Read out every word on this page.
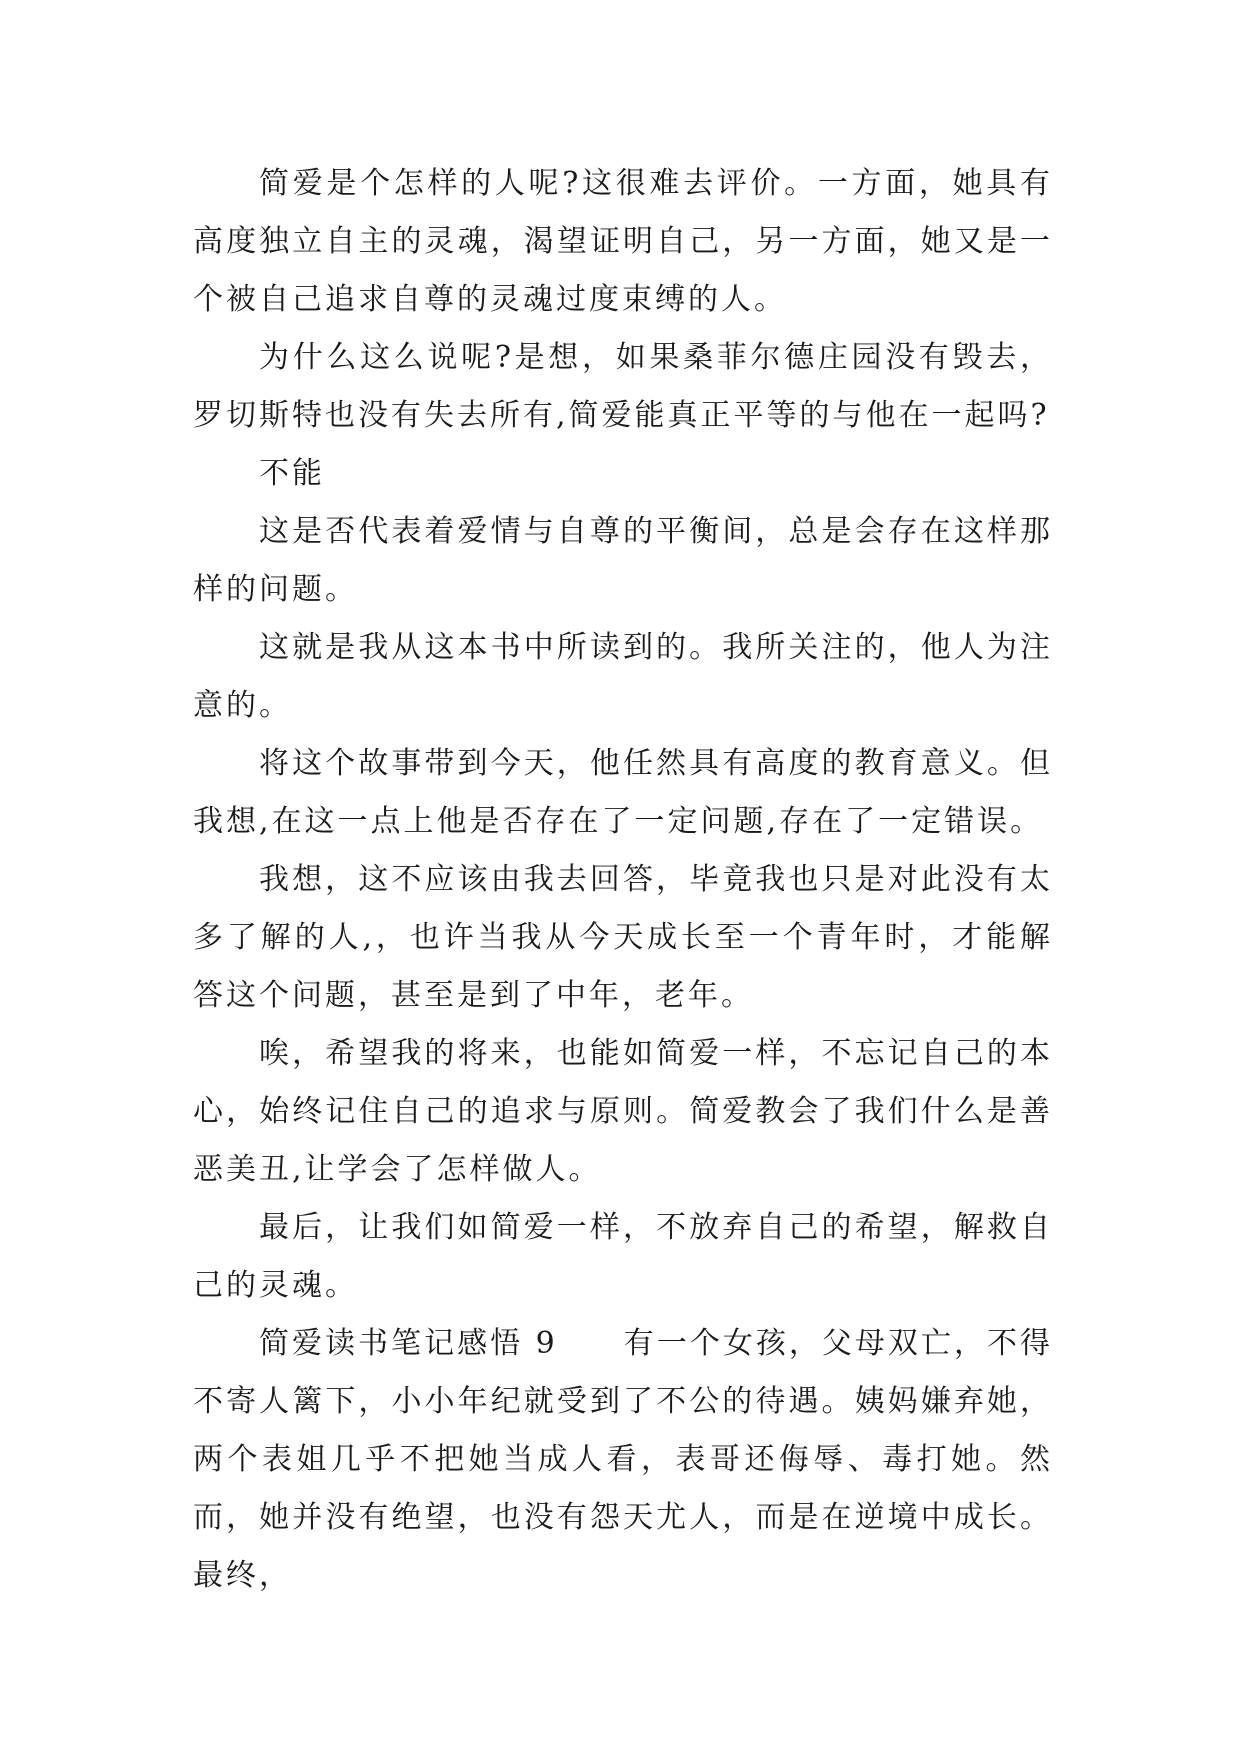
简爱是个怎样的人呢?这很难去评价。一方面，她具有高度独立自主的灵魂，渴望证明自己，另一方面，她又是一个被自己追求自尊的灵魂过度束缚的人。

为什么这么说呢?是想，如果桑菲尔德庄园没有毁去，罗切斯特也没有失去所有,简爱能真正平等的与他在一起吗?

不能

这是否代表着爱情与自尊的平衡间，总是会存在这样那样的问题。

这就是我从这本书中所读到的。我所关注的，他人为注意的。

将这个故事带到今天，他任然具有高度的教育意义。但我想,在这一点上他是否存在了一定问题,存在了一定错误。

我想，这不应该由我去回答，毕竟我也只是对此没有太多了解的人,，也许当我从今天成长至一个青年时，才能解答这个问题，甚至是到了中年，老年。

唉，希望我的将来，也能如简爱一样，不忘记自己的本心，始终记住自己的追求与原则。简爱教会了我们什么是善恶美丑,让学会了怎样做人。

最后，让我们如简爱一样，不放弃自己的希望，解救自己的灵魂。

简爱读书笔记感悟 9　　有一个女孩，父母双亡，不得不寄人篱下，小小年纪就受到了不公的待遇。姨妈嫌弃她，两个表姐几乎不把她当成人看，表哥还侮辱、毒打她。然而，她并没有绝望，也没有怨天尤人，而是在逆境中成长。最终，
